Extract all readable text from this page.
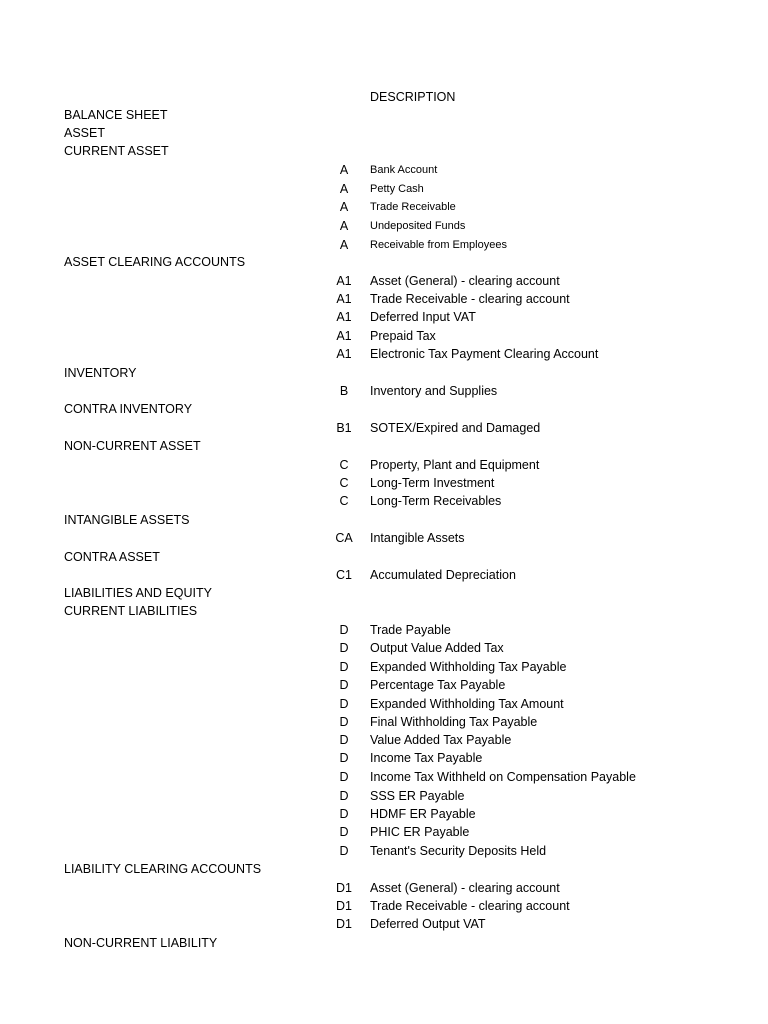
DESCRIPTION
BALANCE SHEET
ASSET
CURRENT ASSET
A	Bank Account
A	Petty Cash
A	Trade Receivable
A	Undeposited Funds
A	Receivable from Employees
ASSET CLEARING ACCOUNTS
A1 Asset (General) - clearing account
A1 Trade Receivable - clearing account
A1 Deferred Input VAT
A1 Prepaid Tax
A1 Electronic Tax Payment Clearing Account
INVENTORY
B	Inventory and Supplies
CONTRA INVENTORY
B1 SOTEX/Expired and Damaged
NON-CURRENT ASSET
C	Property, Plant and Equipment
C	Long-Term Investment
C	Long-Term Receivables
INTANGIBLE ASSETS
CA Intangible Assets
CONTRA ASSET
C1 Accumulated Depreciation
LIABILITIES AND EQUITY
CURRENT LIABILITIES
D	Trade Payable
D	Output Value Added Tax
D	Expanded Withholding Tax Payable
D	Percentage Tax Payable
D	Expanded Withholding Tax Amount
D	Final Withholding Tax Payable
D	Value Added Tax Payable
D	Income Tax Payable
D	Income Tax Withheld on Compensation Payable
D	SSS ER Payable
D	HDMF ER Payable
D	PHIC ER Payable
D	Tenant's Security Deposits Held
LIABILITY CLEARING ACCOUNTS
D1 Asset (General) - clearing account
D1 Trade Receivable - clearing account
D1 Deferred Output VAT
NON-CURRENT LIABILITY
